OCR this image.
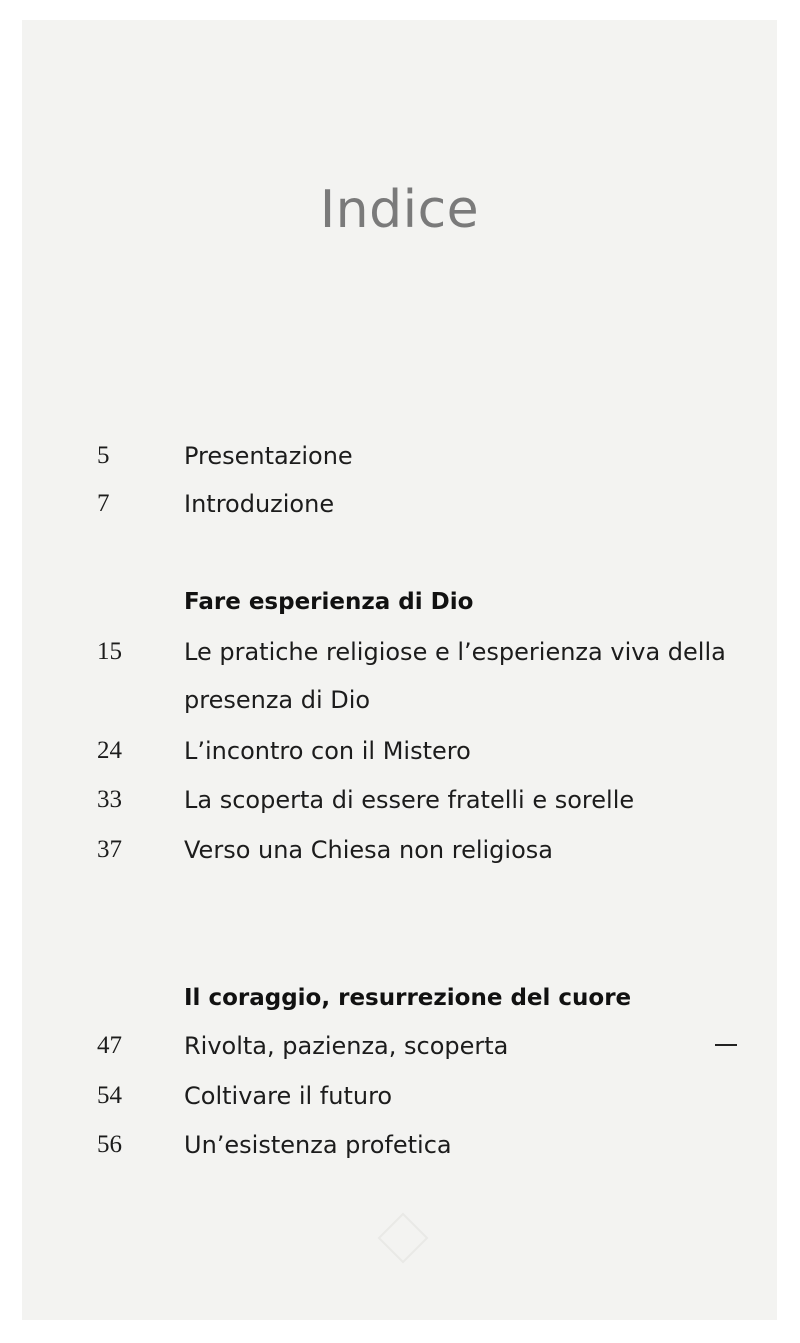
Indice
5	Presentazione
7	Introduzione
Fare esperienza di Dio
15	Le pratiche religiose e l’esperienza viva della presenza di Dio
24	L’incontro con il Mistero
33	La scoperta di essere fratelli e sorelle
37	Verso una Chiesa non religiosa
Il coraggio, resurrezione del cuore
47	Rivolta, pazienza, scoperta
54	Coltivare il futuro
56	Un’esistenza profetica
